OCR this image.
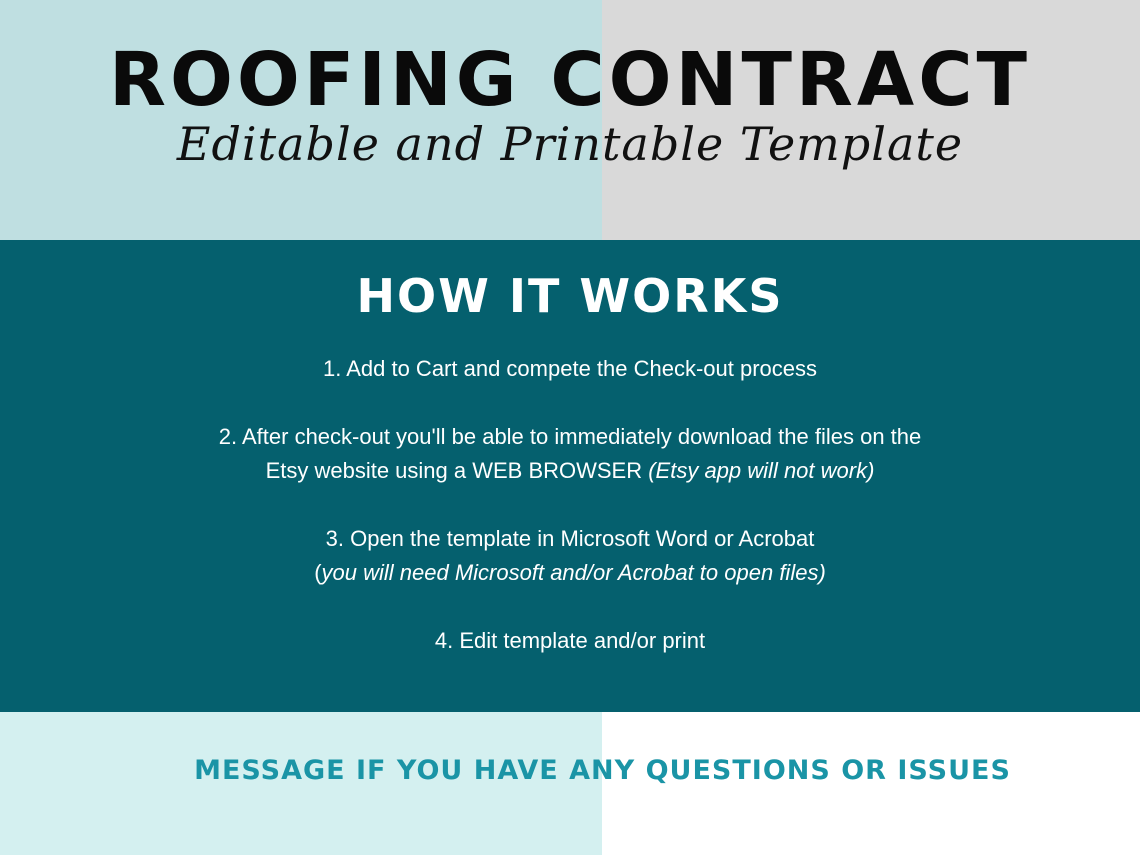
ROOFING CONTRACT
Editable and Printable Template
HOW IT WORKS

1. Add to Cart and compete the Check-out process

2. After check-out you'll be able to immediately download the files on the
Etsy website using a WEB BROWSER (Etsy app will not work)

3. Open the template in Microsoft Word or Acrobat
(you will need Microsoft and/or Acrobat to open files)

4. Edit template and/or print

MESSAGE IF YOU HAVE ANY QUESTIONS OR ISSUES
